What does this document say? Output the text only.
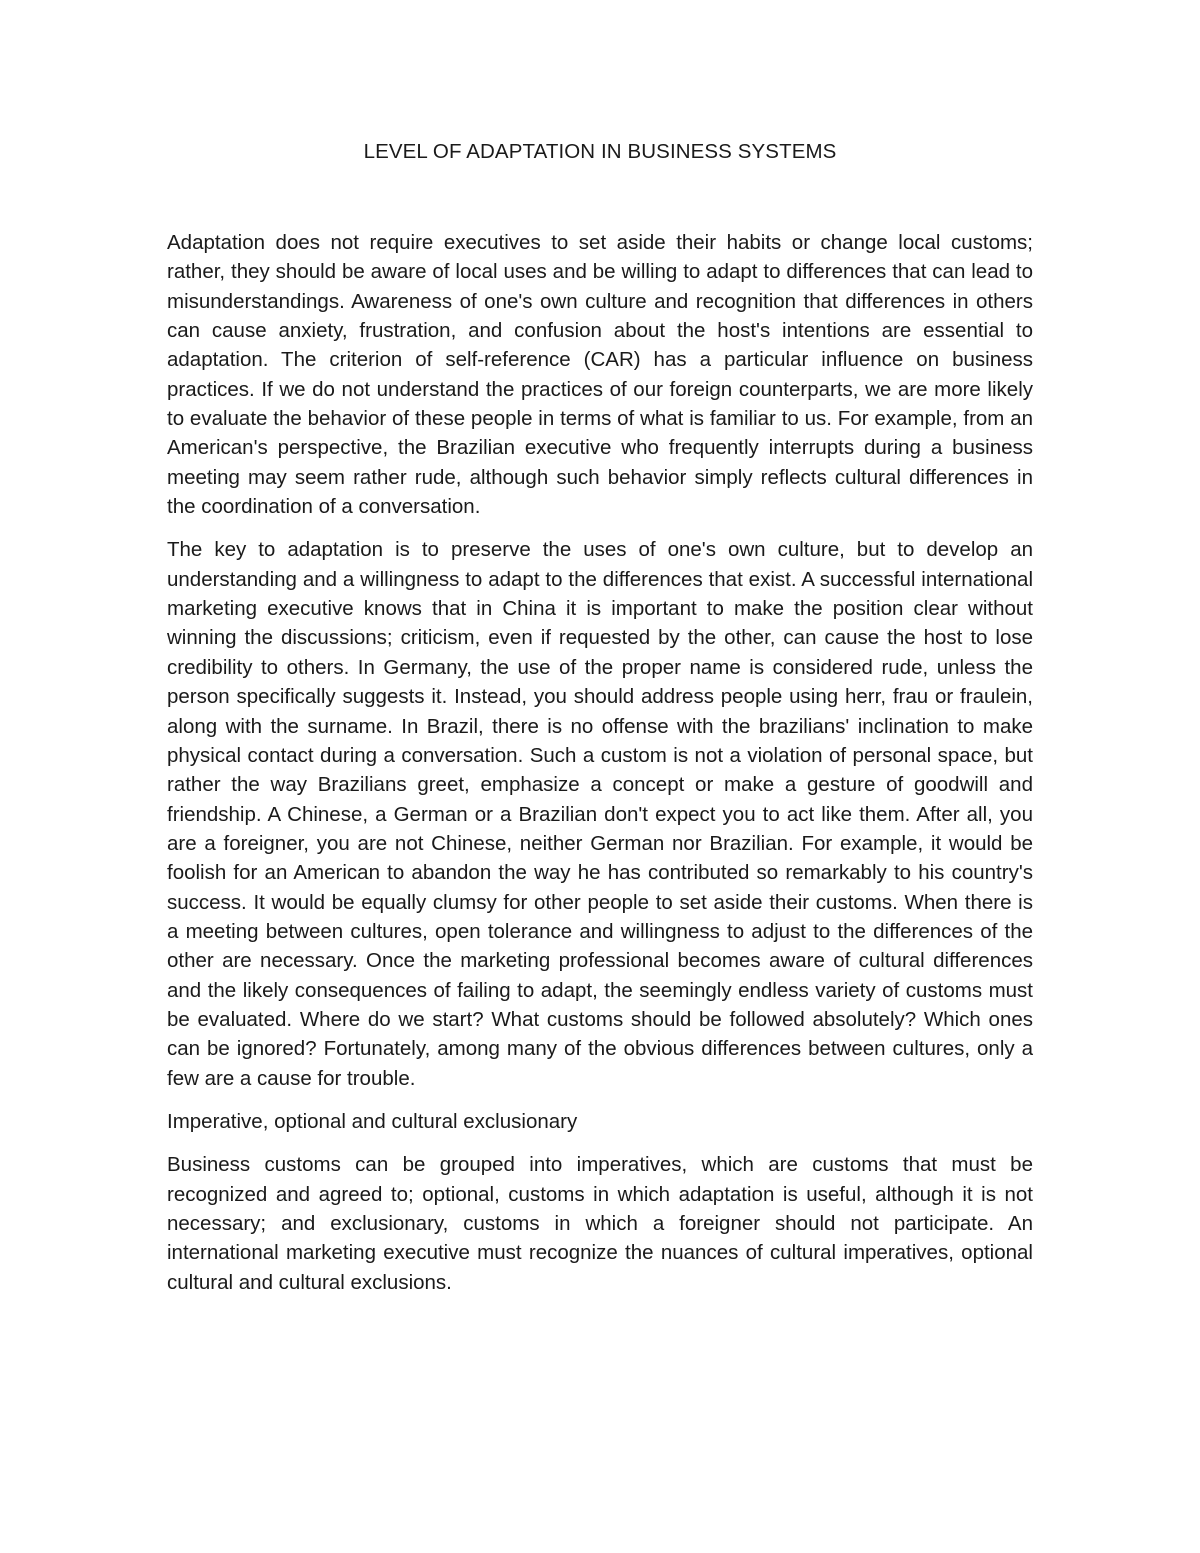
LEVEL OF ADAPTATION IN BUSINESS SYSTEMS

Adaptation does not require executives to set aside their habits or change local customs; rather, they should be aware of local uses and be willing to adapt to differences that can lead to misunderstandings. Awareness of one's own culture and recognition that differences in others can cause anxiety, frustration, and confusion about the host's intentions are essential to adaptation. The criterion of self-reference (CAR) has a particular influence on business practices. If we do not understand the practices of our foreign counterparts, we are more likely to evaluate the behavior of these people in terms of what is familiar to us. For example, from an American's perspective, the Brazilian executive who frequently interrupts during a business meeting may seem rather rude, although such behavior simply reflects cultural differences in the coordination of a conversation.

The key to adaptation is to preserve the uses of one's own culture, but to develop an understanding and a willingness to adapt to the differences that exist. A successful international marketing executive knows that in China it is important to make the position clear without winning the discussions; criticism, even if requested by the other, can cause the host to lose credibility to others. In Germany, the use of the proper name is considered rude, unless the person specifically suggests it. Instead, you should address people using herr, frau or fraulein, along with the surname. In Brazil, there is no offense with the brazilians' inclination to make physical contact during a conversation. Such a custom is not a violation of personal space, but rather the way Brazilians greet, emphasize a concept or make a gesture of goodwill and friendship. A Chinese, a German or a Brazilian don't expect you to act like them. After all, you are a foreigner, you are not Chinese, neither German nor Brazilian. For example, it would be foolish for an American to abandon the way he has contributed so remarkably to his country's success. It would be equally clumsy for other people to set aside their customs. When there is a meeting between cultures, open tolerance and willingness to adjust to the differences of the other are necessary. Once the marketing professional becomes aware of cultural differences and the likely consequences of failing to adapt, the seemingly endless variety of customs must be evaluated. Where do we start? What customs should be followed absolutely? Which ones can be ignored? Fortunately, among many of the obvious differences between cultures, only a few are a cause for trouble.

Imperative, optional and cultural exclusionary

Business customs can be grouped into imperatives, which are customs that must be recognized and agreed to; optional, customs in which adaptation is useful, although it is not necessary; and exclusionary, customs in which a foreigner should not participate. An international marketing executive must recognize the nuances of cultural imperatives, optional cultural and cultural exclusions.
